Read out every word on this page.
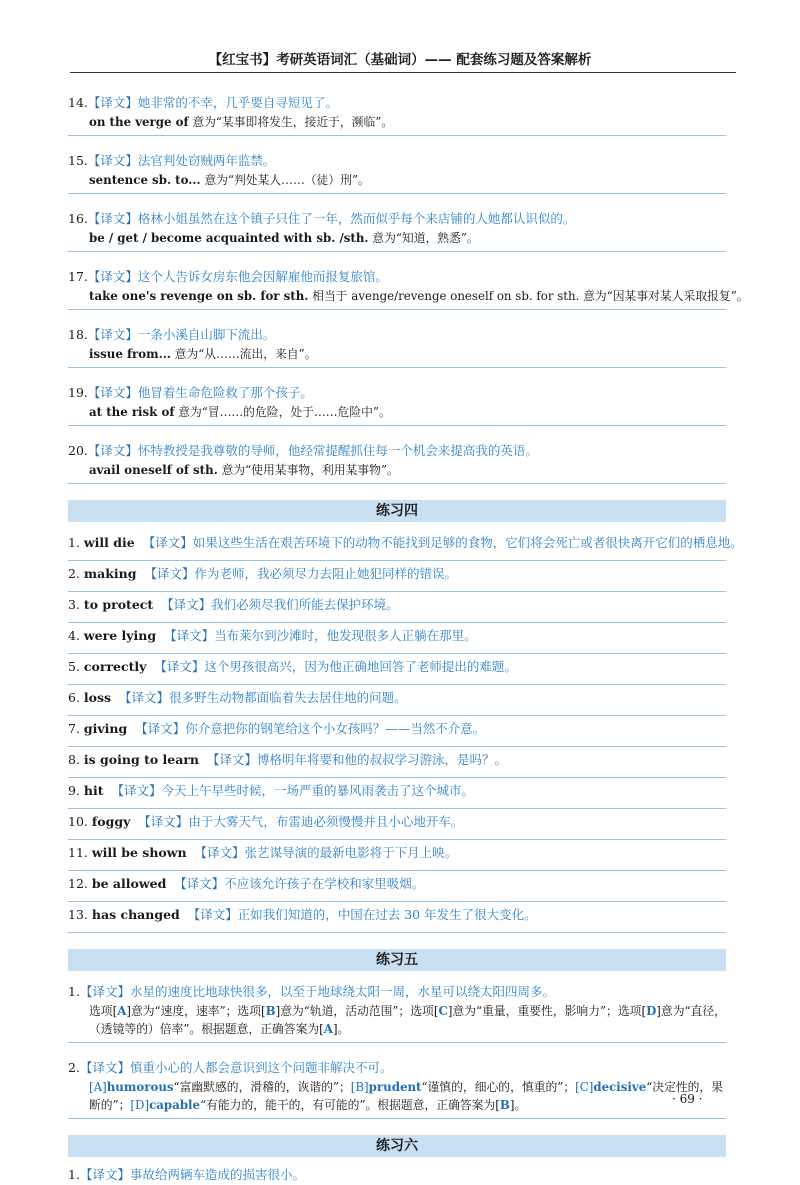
【红宝书】考研英语词汇（基础词）—— 配套练习题及答案解析
14.【译文】她非常的不幸，几乎要自寻短见了。
on the verge of 意为“某事即将发生，接近于，濒临”。
15.【译文】法官判处窃贼两年监禁。
sentence sb. to... 意为“判处某人……（徒）刑”。
16.【译文】格林小姐虽然在这个镇子只住了一年，然而似乎每个来店铺的人她都认识似的。
be / get / become acquainted with sb. /sth. 意为“知道，熟悉”。
17.【译文】这个人告诉女房东他会因解雇他而报复旅馆。
take one's revenge on sb. for sth. 相当于 avenge/revenge oneself on sb. for sth. 意为“因某事对某人采取报复”。
18.【译文】一条小溪自山脚下流出。
issue from... 意为“从……流出，来自”。
19.【译文】他冒着生命危险救了那个孩子。
at the risk of 意为“冒……的危险，处于……危险中”。
20.【译文】怀特教授是我尊敬的导师，他经常提醒抓住每一个机会来提高我的英语。
avail oneself of sth. 意为“使用某事物，利用某事物”。
练习四
1. will die 【译文】如果这些生活在艰苦环境下的动物不能找到足够的食物，它们将会死亡或者很快离开它们的栖息地。
2. making 【译文】作为老师，我必须尽力去阻止她犯同样的错误。
3. to protect 【译文】我们必须尽我们所能去保护环境。
4. were lying 【译文】当布莱尔到沙滩时，他发现很多人正躺在那里。
5. correctly 【译文】这个男孩很高兴，因为他正确地回答了老师提出的难题。
6. loss 【译文】很多野生动物都面临着失去居住地的问题。
7. giving 【译文】你介意把你的钢笔给这个小女孩吗？——当然不介意。
8. is going to learn 【译文】博格明年将要和他的叔叔学习游泳，是吗？。
9. hit 【译文】今天上午早些时候，一场严重的暴风雨袭击了这个城市。
10. foggy 【译文】由于大雾天气，布雷迪必须慢慢并且小心地开车。
11. will be shown 【译文】张艺谋导演的最新电影将于下月上映。
12. be allowed 【译文】不应该允许孩子在学校和家里吸烟。
13. has changed 【译文】正如我们知道的，中国在过去 30 年发生了很大变化。
练习五
1.【译文】水星的速度比地球快很多，以至于地球绕太阳一周，水星可以绕太阳四周多。
选项[A]意为“速度，速率”；选项[B]意为“轨道，活动范围”；选项[C]意为“重量，重要性，影响力”；选项[D]意为“直径，（透镜等的）倍率”。根据题意，正确答案为[A]。
2.【译文】慎重小心的人都会意识到这个问题非解决不可。
[A]humorous“富幽默感的，滑稽的，诙谐的”；[B]prudent“谨慎的，细心的，慎重的”；[C]decisive“决定性的，果断的”；[D]capable“有能力的，能干的，有可能的”。根据题意，正确答案为[B]。
练习六
1.【译文】事故给两辆车造成的损害很小。
· 69 ·
